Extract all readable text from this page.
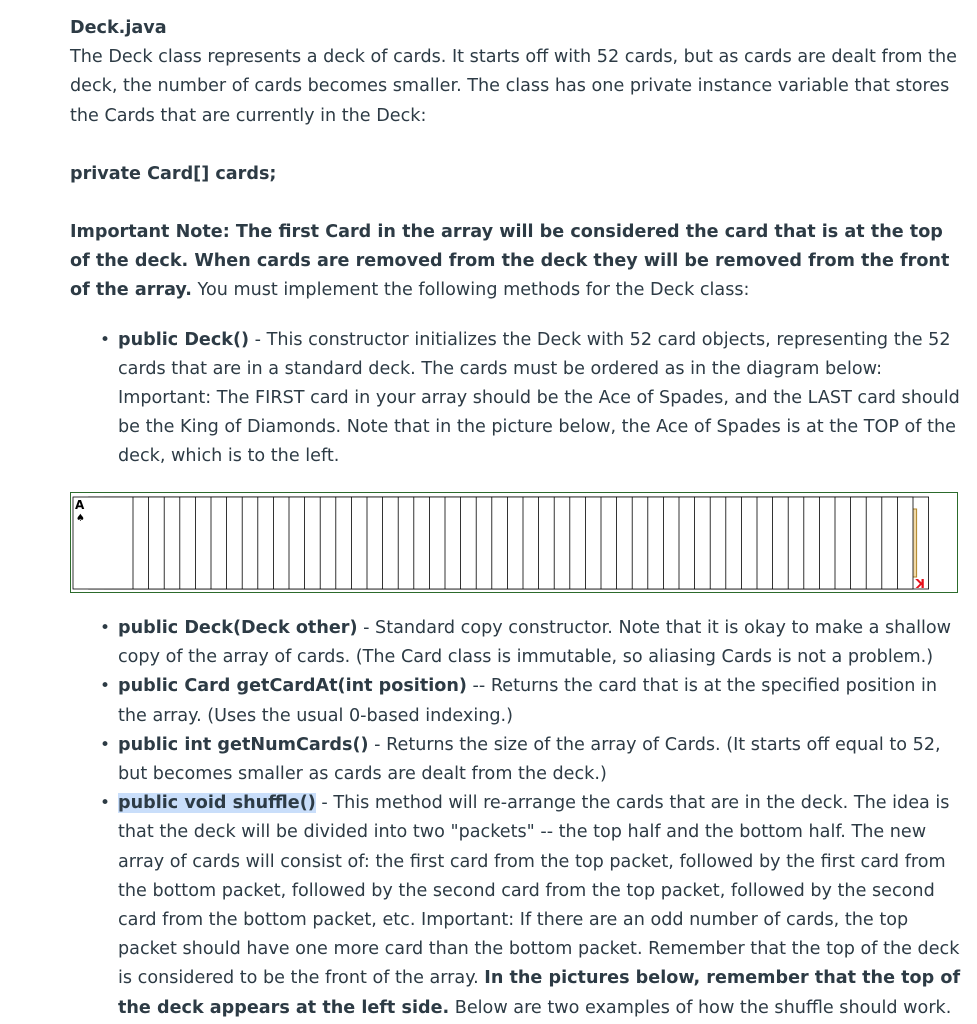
Deck.java

The Deck class represents a deck of cards. It starts off with 52 cards, but as cards are dealt from the deck, the number of cards becomes smaller. The class has one private instance variable that stores the Cards that are currently in the Deck:

private Card[] cards;

Important Note: The first Card in the array will be considered the card that is at the top of the deck. When cards are removed from the deck they will be removed from the front of the array. You must implement the following methods for the Deck class:

• public Deck() - This constructor initializes the Deck with 52 card objects, representing the 52 cards that are in a standard deck. The cards must be ordered as in the diagram below: Important: The FIRST card in your array should be the Ace of Spades, and the LAST card should be the King of Diamonds. Note that in the picture below, the Ace of Spades is at the TOP of the deck, which is to the left.
K
A
♠
• public Deck(Deck other) - Standard copy constructor. Note that it is okay to make a shallow copy of the array of cards. (The Card class is immutable, so aliasing Cards is not a problem.)
• public Card getCardAt(int position) -- Returns the card that is at the specified position in the array. (Uses the usual 0-based indexing.)
• public int getNumCards() - Returns the size of the array of Cards. (It starts off equal to 52, but becomes smaller as cards are dealt from the deck.)
• public void shuffle() - This method will re-arrange the cards that are in the deck. The idea is that the deck will be divided into two "packets" -- the top half and the bottom half. The new array of cards will consist of: the first card from the top packet, followed by the first card from the bottom packet, followed by the second card from the top packet, followed by the second card from the bottom packet, etc. Important: If there are an odd number of cards, the top packet should have one more card than the bottom packet. Remember that the top of the deck is considered to be the front of the array. In the pictures below, remember that the top of the deck appears at the left side. Below are two examples of how the shuffle should work.
